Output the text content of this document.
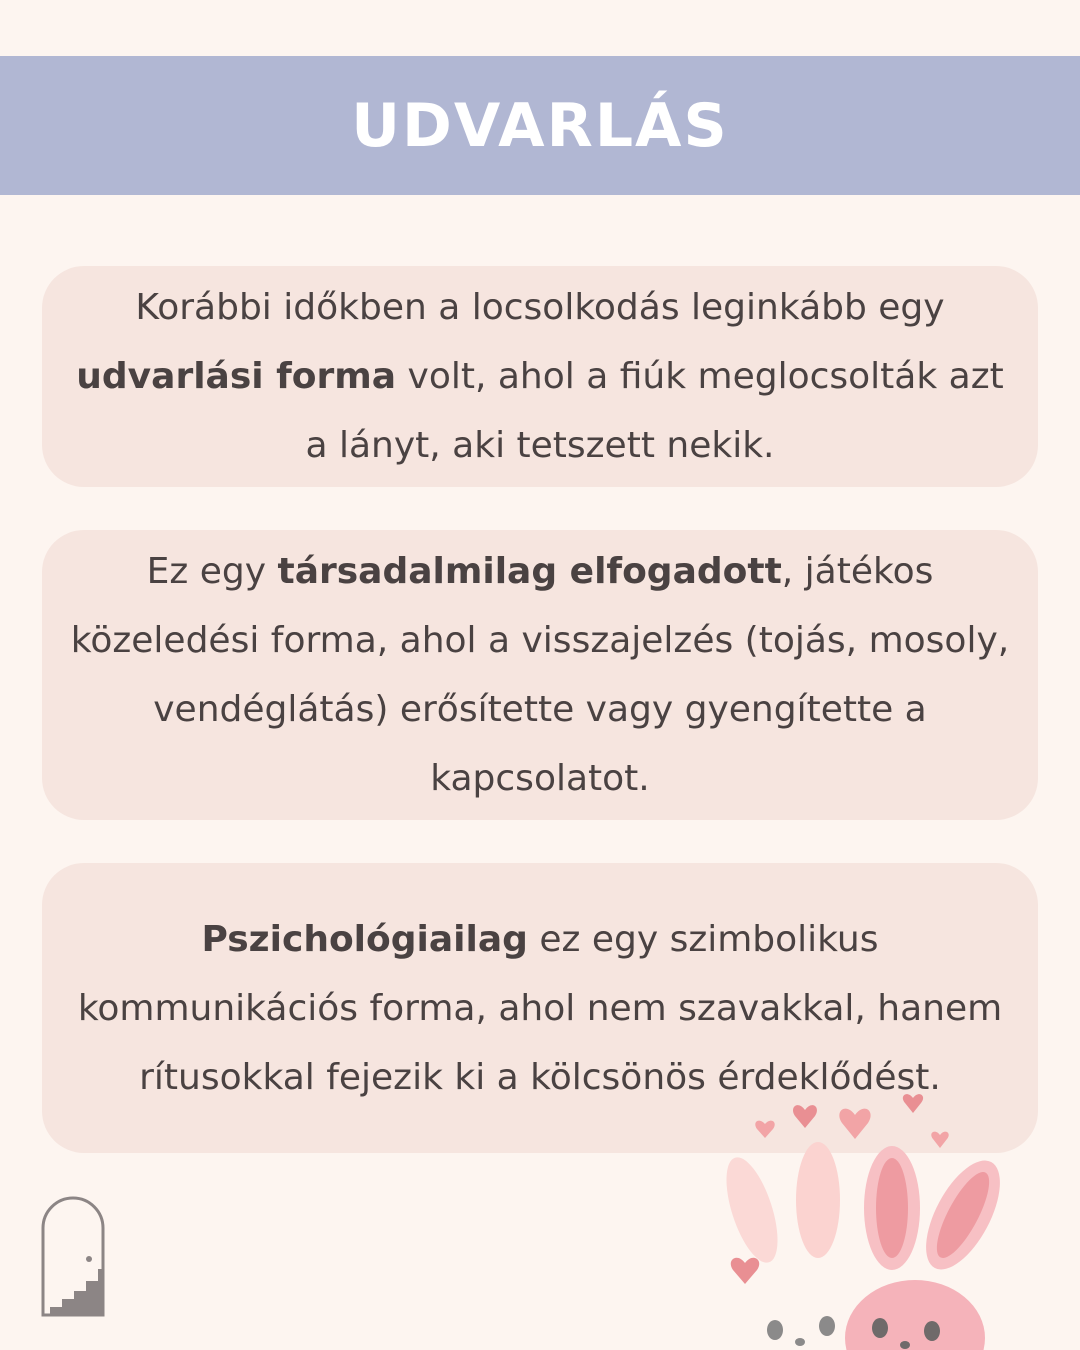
UDVARLÁS

Korábbi időkben a locsolkodás leginkább egy udvarlási forma volt, ahol a fiúk meglocsolták azt a lányt, aki tetszett nekik.

Ez egy társadalmilag elfogadott, játékos közeledési forma, ahol a visszajelzés (tojás, mosoly, vendéglátás) erősítette vagy gyengítette a kapcsolatot.

Pszichológiailag ez egy szimbolikus kommunikációs forma, ahol nem szavakkal, hanem rítusokkal fejezik ki a kölcsönös érdeklődést.
